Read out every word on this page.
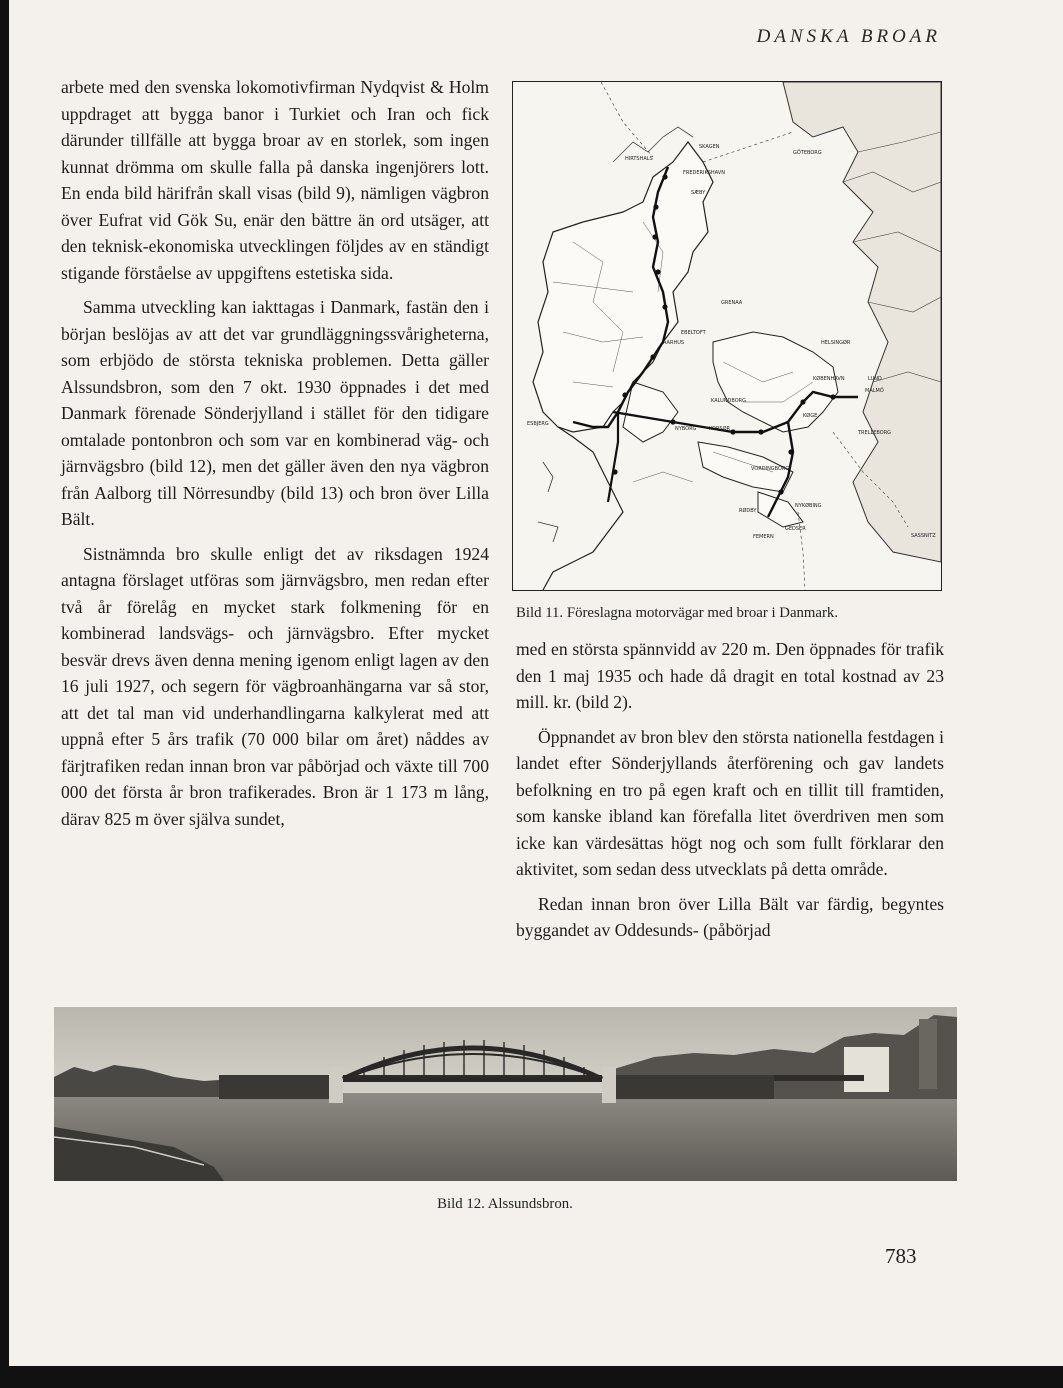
DANSKA BROAR

arbete med den svenska lokomotivfirman Nydqvist & Holm uppdraget att bygga banor i Turkiet och Iran och fick därunder tillfälle att bygga broar av en storlek, som ingen kunnat drömma om skulle falla på danska ingenjörers lott. En enda bild härifrån skall visas (bild 9), nämligen vägbron över Eufrat vid Gök Su, enär den bättre än ord utsäger, att den teknisk-ekonomiska utvecklingen följdes av en ständigt stigande förståelse av uppgiftens estetiska sida.

Samma utveckling kan iakttagas i Danmark, fastän den i början beslöjas av att det var grundläggningssvårigheterna, som erbjödo de största tekniska problemen. Detta gäller Alssundsbron, som den 7 okt. 1930 öppnades i det med Danmark förenade Sönderjylland i stället för den tidigare omtalade pontonbron och som var en kombinerad väg- och järnvägsbro (bild 12), men det gäller även den nya vägbron från Aalborg till Nörresundby (bild 13) och bron över Lilla Bält.

Sistnämnda bro skulle enligt det av riksdagen 1924 antagna förslaget utföras som järnvägsbro, men redan efter två år förelåg en mycket stark folkmening för en kombinerad landsvägs- och järnvägsbro. Efter mycket besvär drevs även denna mening igenom enligt lagen av den 16 juli 1927, och segern för vägbroanhängarna var så stor, att det tal man vid underhandlingarna kalkylerat med att uppnå efter 5 års trafik (70 000 bilar om året) nåddes av färjtrafiken redan innan bron var påbörjad och växte till 700 000 det första år bron trafikerades. Bron är 1 173 m lång, därav 825 m över själva sundet,

HIRTSHALS
SKAGEN
GÖTEBORG
FREDERIKSHAVN
SÆBY
GRENAA
EBELTOFT
AARHUS
KØBENHAVN
MALMÖ
LUND
TRELLEBORG
ESBJERG
KALUNDBORG
KØGE
VORDINGBORG
NYKØBING
RØDBY
GEDSER
FEMERN	SASSNITZ
HELSINGØR
NYBORG	KORSØR
Bild 11. Föreslagna motorvägar med broar i Danmark.

med en största spännvidd av 220 m. Den öppnades för trafik den 1 maj 1935 och hade då dragit en total kostnad av 23 mill. kr. (bild 2).

Öppnandet av bron blev den största nationella festdagen i landet efter Sönderjyllands återförening och gav landets befolkning en tro på egen kraft och en tillit till framtiden, som kanske ibland kan förefalla litet överdriven men som icke kan värdesättas högt nog och som fullt förklarar den aktivitet, som sedan dess utvecklats på detta område.

Redan innan bron över Lilla Bält var färdig, begyntes byggandet av Oddesunds- (påbörjad

Bild 12. Alssundsbron.
783
